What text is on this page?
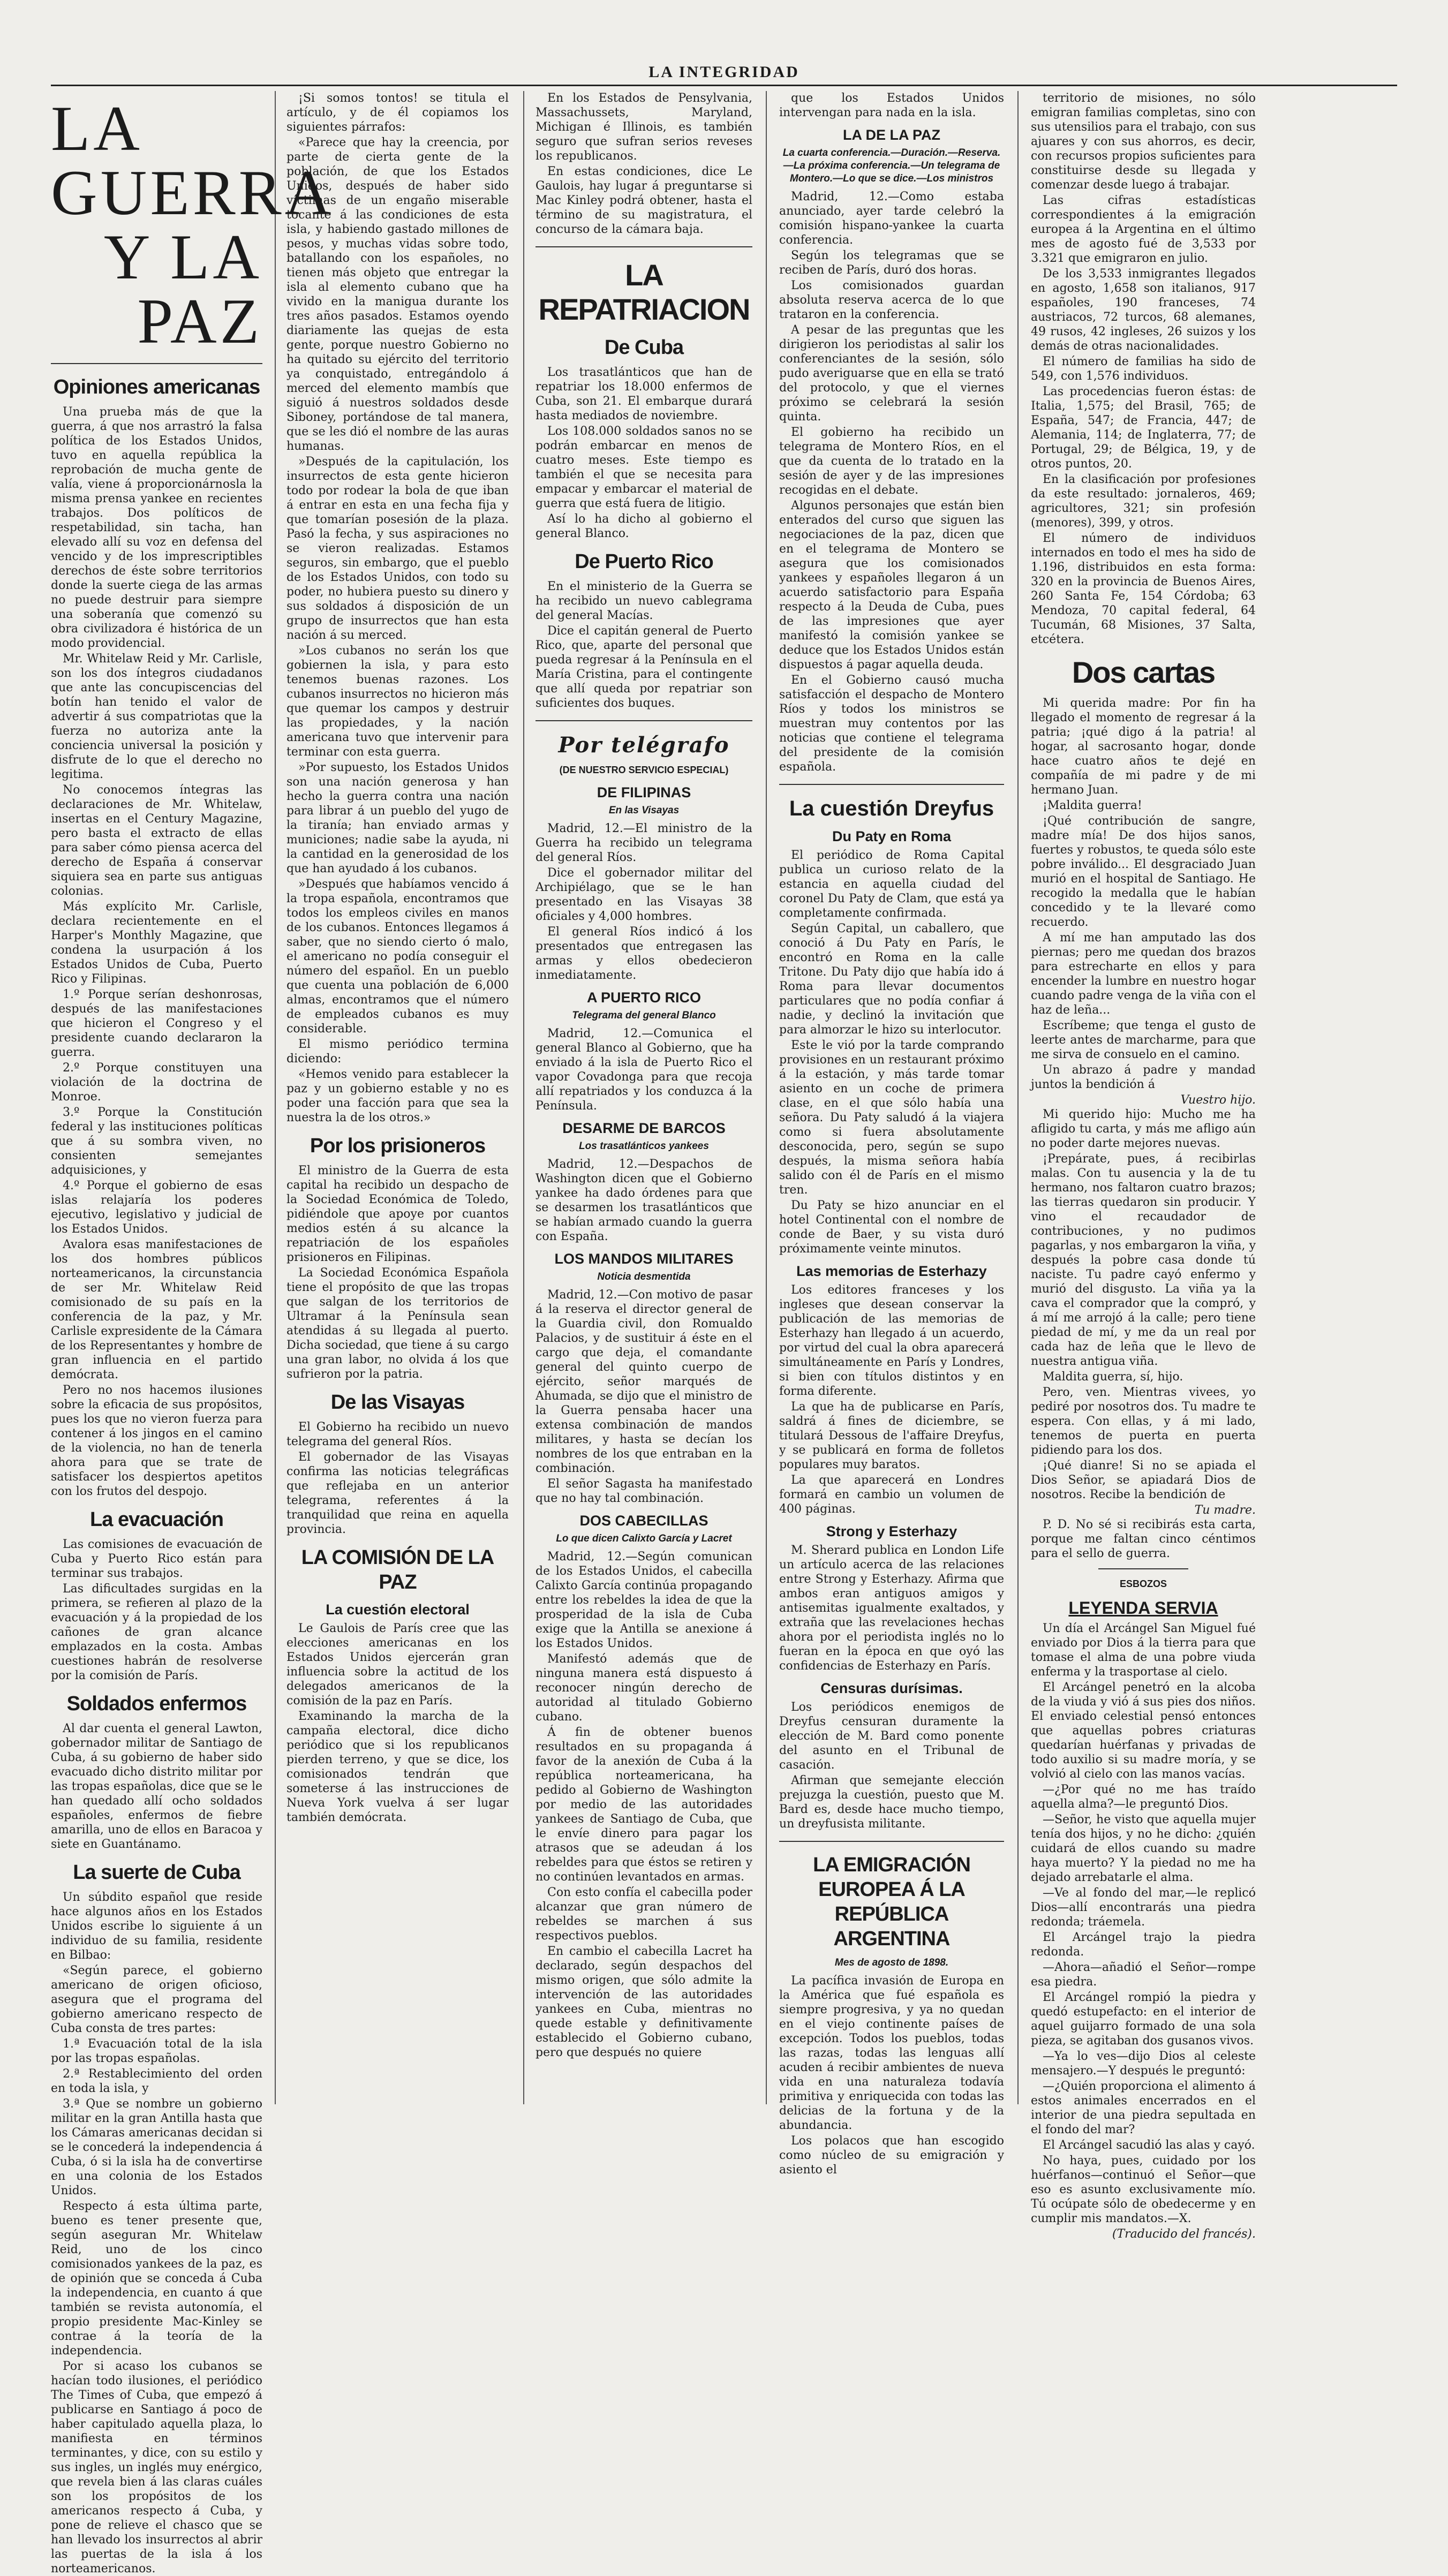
LA INTEGRIDAD
LA GUERRA
Y LA PAZ
Opiniones americanas

Una prueba más de que la guerra, á que nos arrastró la falsa política de los Estados Unidos, tuvo en aquella república la reprobación de mucha gente de valía, viene á proporcionárnosla la misma prensa yankee en recientes trabajos. Dos políticos de respetabilidad, sin tacha, han elevado allí su voz en defensa del vencido y de los imprescriptibles derechos de éste sobre territorios donde la suerte ciega de las armas no puede destruir para siempre una soberanía que comenzó su obra civilizadora é histórica de un modo providencial.

Mr. Whitelaw Reid y Mr. Carlisle, son los dos íntegros ciudadanos que ante las concupiscencias del botín han tenido el valor de advertir á sus compatriotas que la fuerza no autoriza ante la conciencia universal la posición y disfrute de lo que el derecho no legitima.

No conocemos íntegras las declaraciones de Mr. Whitelaw, insertas en el Century Magazine, pero basta el extracto de ellas para saber cómo piensa acerca del derecho de España á conservar siquiera sea en parte sus antiguas colonias.

Más explícito Mr. Carlisle, declara recientemente en el Harper's Monthly Magazine, que condena la usurpación á los Estados Unidos de Cuba, Puerto Rico y Filipinas.

1.º Porque serían deshonrosas, después de las manifestaciones que hicieron el Congreso y el presidente cuando declararon la guerra.

2.º Porque constituyen una violación de la doctrina de Monroe.

3.º Porque la Constitución federal y las instituciones políticas que á su sombra viven, no consienten semejantes adquisiciones, y

4.º Porque el gobierno de esas islas relajaría los poderes ejecutivo, legislativo y judicial de los Estados Unidos.

Avalora esas manifestaciones de los dos hombres públicos norteamericanos, la circunstancia de ser Mr. Whitelaw Reid comisionado de su país en la conferencia de la paz, y Mr. Carlisle expresidente de la Cámara de los Representantes y hombre de gran influencia en el partido demócrata.

Pero no nos hacemos ilusiones sobre la eficacia de sus propósitos, pues los que no vieron fuerza para contener á los jingos en el camino de la violencia, no han de tenerla ahora para que se trate de satisfacer los despiertos apetitos con los frutos del despojo.

La evacuación

Las comisiones de evacuación de Cuba y Puerto Rico están para terminar sus trabajos.

Las dificultades surgidas en la primera, se refieren al plazo de la evacuación y á la propiedad de los cañones de gran alcance emplazados en la costa. Ambas cuestiones habrán de resolverse por la comisión de París.

Soldados enfermos

Al dar cuenta el general Lawton, gobernador militar de Santiago de Cuba, á su gobierno de haber sido evacuado dicho distrito militar por las tropas españolas, dice que se le han quedado allí ocho soldados españoles, enfermos de fiebre amarilla, uno de ellos en Baracoa y siete en Guantánamo.

La suerte de Cuba

Un súbdito español que reside hace algunos años en los Estados Unidos escribe lo siguiente á un individuo de su familia, residente en Bilbao:

«Según parece, el gobierno americano de origen oficioso, asegura que el programa del gobierno americano respecto de Cuba consta de tres partes:

1.ª Evacuación total de la isla por las tropas españolas.

2.ª Restablecimiento del orden en toda la isla, y

3.ª Que se nombre un gobierno militar en la gran Antilla hasta que los Cámaras americanas decidan si se le concederá la independencia á Cuba, ó si la isla ha de convertirse en una colonia de los Estados Unidos.

Respecto á esta última parte, bueno es tener presente que, según aseguran Mr. Whitelaw Reid, uno de los cinco comisionados yankees de la paz, es de opinión que se conceda á Cuba la independencia, en cuanto á que también se revista autonomía, el propio presidente Mac-Kinley se contrae á la teoría de la independencia.

Por si acaso los cubanos se hacían todo ilusiones, el periódico The Times of Cuba, que empezó á publicarse en Santiago á poco de haber capitulado aquella plaza, lo manifiesta en términos terminantes, y dice, con su estilo y sus ingles, un inglés muy enérgico, que revela bien á las claras cuáles son los propósitos de los americanos respecto á Cuba, y pone de relieve el chasco que se han llevado los insurrectos al abrir las puertas de la isla á los norteamericanos.

¡Si somos tontos! se titula el artículo, y de él copiamos los siguientes párrafos:

«Parece que hay la creencia, por parte de cierta gente de la población, de que los Estados Unidos, después de haber sido víctimas de un engaño miserable tocante á las condiciones de esta isla, y habiendo gastado millones de pesos, y muchas vidas sobre todo, batallando con los españoles, no tienen más objeto que entregar la isla al elemento cubano que ha vivido en la manigua durante los tres años pasados. Estamos oyendo diariamente las quejas de esta gente, porque nuestro Gobierno no ha quitado su ejército del territorio ya conquistado, entregándolo á merced del elemento mambís que siguió á nuestros soldados desde Siboney, portándose de tal manera, que se les dió el nombre de las auras humanas.

»Después de la capitulación, los insurrectos de esta gente hicieron todo por rodear la bola de que iban á entrar en esta en una fecha fija y que tomarían posesión de la plaza. Pasó la fecha, y sus aspiraciones no se vieron realizadas. Estamos seguros, sin embargo, que el pueblo de los Estados Unidos, con todo su poder, no hubiera puesto su dinero y sus soldados á disposición de un grupo de insurrectos que han esta nación á su merced.

»Los cubanos no serán los que gobiernen la isla, y para esto tenemos buenas razones. Los cubanos insurrectos no hicieron más que quemar los campos y destruir las propiedades, y la nación americana tuvo que intervenir para terminar con esta guerra.

»Por supuesto, los Estados Unidos son una nación generosa y han hecho la guerra contra una nación para librar á un pueblo del yugo de la tiranía; han enviado armas y municiones; nadie sabe la ayuda, ni la cantidad en la generosidad de los que han ayudado á los cubanos.

»Después que habíamos vencido á la tropa española, encontramos que todos los empleos civiles en manos de los cubanos. Entonces llegamos á saber, que no siendo cierto ó malo, el americano no podía conseguir el número del español. En un pueblo que cuenta una población de 6,000 almas, encontramos que el número de empleados cubanos es muy considerable.

El mismo periódico termina diciendo:

«Hemos venido para establecer la paz y un gobierno estable y no es poder una facción para que sea la nuestra la de los otros.»

Por los prisioneros

El ministro de la Guerra de esta capital ha recibido un despacho de la Sociedad Económica de Toledo, pidiéndole que apoye por cuantos medios estén á su alcance la repatriación de los españoles prisioneros en Filipinas.

La Sociedad Económica Española tiene el propósito de que las tropas que salgan de los territorios de Ultramar á la Península sean atendidas á su llegada al puerto. Dicha sociedad, que tiene á su cargo una gran labor, no olvida á los que sufrieron por la patria.

De las Visayas

El Gobierno ha recibido un nuevo telegrama del general Ríos.

El gobernador de las Visayas confirma las noticias telegráficas que reflejaba en un anterior telegrama, referentes á la tranquilidad que reina en aquella provincia.

LA COMISIÓN DE LA PAZ
La cuestión electoral

Le Gaulois de París cree que las elecciones americanas en los Estados Unidos ejercerán gran influencia sobre la actitud de los delegados americanos de la comisión de la paz en París.

Examinando la marcha de la campaña electoral, dice dicho periódico que si los republicanos pierden terreno, y que se dice, los comisionados tendrán que someterse á las instrucciones de Nueva York vuelva á ser lugar también demócrata.

En los Estados de Pensylvania, Massachussets, Maryland, Michigan é Illinois, es también seguro que sufran serios reveses los republicanos.

En estas condiciones, dice Le Gaulois, hay lugar á preguntarse si Mac Kinley podrá obtener, hasta el término de su magistratura, el concurso de la cámara baja.

LA REPATRIACION
De Cuba

Los trasatlánticos que han de repatriar los 18.000 enfermos de Cuba, son 21. El embarque durará hasta mediados de noviembre.

Los 108.000 soldados sanos no se podrán embarcar en menos de cuatro meses. Este tiempo es también el que se necesita para empacar y embarcar el material de guerra que está fuera de litigio.

Así lo ha dicho al gobierno el general Blanco.

De Puerto Rico

En el ministerio de la Guerra se ha recibido un nuevo cablegrama del general Macías.

Dice el capitán general de Puerto Rico, que, aparte del personal que pueda regresar á la Península en el María Cristina, para el contingente que allí queda por repatriar son suficientes dos buques.

Por telégrafo
(DE NUESTRO SERVICIO ESPECIAL)
DE FILIPINAS
En las Visayas

Madrid, 12.—El ministro de la Guerra ha recibido un telegrama del general Ríos.

Dice el gobernador militar del Archipiélago, que se le han presentado en las Visayas 38 oficiales y 4,000 hombres.

El general Ríos indicó á los presentados que entregasen las armas y ellos obedecieron inmediatamente.

A PUERTO RICO
Telegrama del general Blanco

Madrid, 12.—Comunica el general Blanco al Gobierno, que ha enviado á la isla de Puerto Rico el vapor Covadonga para que recoja allí repatriados y los conduzca á la Península.

DESARME DE BARCOS
Los trasatlánticos yankees

Madrid, 12.—Despachos de Washington dicen que el Gobierno yankee ha dado órdenes para que se desarmen los trasatlánticos que se habían armado cuando la guerra con España.

LOS MANDOS MILITARES
Noticia desmentida

Madrid, 12.—Con motivo de pasar á la reserva el director general de la Guardia civil, don Romualdo Palacios, y de sustituir á éste en el cargo que deja, el comandante general del quinto cuerpo de ejército, señor marqués de Ahumada, se dijo que el ministro de la Guerra pensaba hacer una extensa combinación de mandos militares, y hasta se decían los nombres de los que entraban en la combinación.

El señor Sagasta ha manifestado que no hay tal combinación.

DOS CABECILLAS
Lo que dicen Calixto García y Lacret

Madrid, 12.—Según comunican de los Estados Unidos, el cabecilla Calixto García continúa propagando entre los rebeldes la idea de que la prosperidad de la isla de Cuba exige que la Antilla se anexione á los Estados Unidos.

Manifestó además que de ninguna manera está dispuesto á reconocer ningún derecho de autoridad al titulado Gobierno cubano.

Á fin de obtener buenos resultados en su propaganda á favor de la anexión de Cuba á la república norteamericana, ha pedido al Gobierno de Washington por medio de las autoridades yankees de Santiago de Cuba, que le envíe dinero para pagar los atrasos que se adeudan á los rebeldes para que éstos se retiren y no continúen levantados en armas.

Con esto confía el cabecilla poder alcanzar que gran número de rebeldes se marchen á sus respectivos pueblos.

En cambio el cabecilla Lacret ha declarado, según despachos del mismo origen, que sólo admite la intervención de las autoridades yankees en Cuba, mientras no quede estable y definitivamente establecido el Gobierno cubano, pero que después no quiere

que los Estados Unidos intervengan para nada en la isla.

LA DE LA PAZ
La cuarta conferencia.—Duración.—Reserva.—La próxima conferencia.—Un telegrama de Montero.—Lo que se dice.—Los ministros

Madrid, 12.—Como estaba anunciado, ayer tarde celebró la comisión hispano-yankee la cuarta conferencia.

Según los telegramas que se reciben de París, duró dos horas.

Los comisionados guardan absoluta reserva acerca de lo que trataron en la conferencia.

A pesar de las preguntas que les dirigieron los periodistas al salir los conferenciantes de la sesión, sólo pudo averiguarse que en ella se trató del protocolo, y que el viernes próximo se celebrará la sesión quinta.

El gobierno ha recibido un telegrama de Montero Ríos, en el que da cuenta de lo tratado en la sesión de ayer y de las impresiones recogidas en el debate.

Algunos personajes que están bien enterados del curso que siguen las negociaciones de la paz, dicen que en el telegrama de Montero se asegura que los comisionados yankees y españoles llegaron á un acuerdo satisfactorio para España respecto á la Deuda de Cuba, pues de las impresiones que ayer manifestó la comisión yankee se deduce que los Estados Unidos están dispuestos á pagar aquella deuda.

En el Gobierno causó mucha satisfacción el despacho de Montero Ríos y todos los ministros se muestran muy contentos por las noticias que contiene el telegrama del presidente de la comisión española.

La cuestión Dreyfus
Du Paty en Roma

El periódico de Roma Capital publica un curioso relato de la estancia en aquella ciudad del coronel Du Paty de Clam, que está ya completamente confirmada.

Según Capital, un caballero, que conoció á Du Paty en París, le encontró en Roma en la calle Tritone. Du Paty dijo que había ido á Roma para llevar documentos particulares que no podía confiar á nadie, y declinó la invitación que para almorzar le hizo su interlocutor.

Este le vió por la tarde comprando provisiones en un restaurant próximo á la estación, y más tarde tomar asiento en un coche de primera clase, en el que sólo había una señora. Du Paty saludó á la viajera como si fuera absolutamente desconocida, pero, según se supo después, la misma señora había salido con él de París en el mismo tren.

Du Paty se hizo anunciar en el hotel Continental con el nombre de conde de Baer, y su vista duró próximamente veinte minutos.

Las memorias de Esterhazy

Los editores franceses y los ingleses que desean conservar la publicación de las memorias de Esterhazy han llegado á un acuerdo, por virtud del cual la obra aparecerá simultáneamente en París y Londres, si bien con títulos distintos y en forma diferente.

La que ha de publicarse en París, saldrá á fines de diciembre, se titulará Dessous de l'affaire Dreyfus, y se publicará en forma de folletos populares muy baratos.

La que aparecerá en Londres formará en cambio un volumen de 400 páginas.

Strong y Esterhazy

M. Sherard publica en London Life un artículo acerca de las relaciones entre Strong y Esterhazy. Afirma que ambos eran antiguos amigos y antisemitas igualmente exaltados, y extraña que las revelaciones hechas ahora por el periodista inglés no lo fueran en la época en que oyó las confidencias de Esterhazy en París.

Censuras durísimas.

Los periódicos enemigos de Dreyfus censuran duramente la elección de M. Bard como ponente del asunto en el Tribunal de casación.

Afirman que semejante elección prejuzga la cuestión, puesto que M. Bard es, desde hace mucho tiempo, un dreyfusista militante.

LA EMIGRACIÓN EUROPEA Á LA REPÚBLICA ARGENTINA
Mes de agosto de 1898.

La pacífica invasión de Europa en la América que fué española es siempre progresiva, y ya no quedan en el viejo continente países de excepción. Todos los pueblos, todas las razas, todas las lenguas allí acuden á recibir ambientes de nueva vida en una naturaleza todavía primitiva y enriquecida con todas las delicias de la fortuna y de la abundancia.

Los polacos que han escogido como núcleo de su emigración y asiento el

territorio de misiones, no sólo emigran familias completas, sino con sus utensilios para el trabajo, con sus ajuares y con sus ahorros, es decir, con recursos propios suficientes para constituirse desde su llegada y comenzar desde luego á trabajar.

Las cifras estadísticas correspondientes á la emigración europea á la Argentina en el último mes de agosto fué de 3,533 por 3.321 que emigraron en julio.

De los 3,533 inmigrantes llegados en agosto, 1,658 son italianos, 917 españoles, 190 franceses, 74 austriacos, 72 turcos, 68 alemanes, 49 rusos, 42 ingleses, 26 suizos y los demás de otras nacionalidades.

El número de familias ha sido de 549, con 1,576 individuos.

Las procedencias fueron éstas: de Italia, 1,575; del Brasil, 765; de España, 547; de Francia, 447; de Alemania, 114; de Inglaterra, 77; de Portugal, 29; de Bélgica, 19, y de otros puntos, 20.

En la clasificación por profesiones da este resultado: jornaleros, 469; agricultores, 321; sin profesión (menores), 399, y otros.

El número de individuos internados en todo el mes ha sido de 1.196, distribuidos en esta forma: 320 en la provincia de Buenos Aires, 260 Santa Fe, 154 Córdoba; 63 Mendoza, 70 capital federal, 64 Tucumán, 68 Misiones, 37 Salta, etcétera.

Dos cartas

Mi querida madre: Por fin ha llegado el momento de regresar á la patria; ¡qué digo á la patria! al hogar, al sacrosanto hogar, donde hace cuatro años te dejé en compañía de mi padre y de mi hermano Juan.

¡Maldita guerra!

¡Qué contribución de sangre, madre mía! De dos hijos sanos, fuertes y robustos, te queda sólo este pobre inválido... El desgraciado Juan murió en el hospital de Santiago. He recogido la medalla que le habían concedido y te la llevaré como recuerdo.

A mí me han amputado las dos piernas; pero me quedan dos brazos para estrecharte en ellos y para encender la lumbre en nuestro hogar cuando padre venga de la viña con el haz de leña...

Escríbeme; que tenga el gusto de leerte antes de marcharme, para que me sirva de consuelo en el camino.

Un abrazo á padre y mandad juntos la bendición á

Vuestro hijo.

Mi querido hijo: Mucho me ha afligido tu carta, y más me afligo aún no poder darte mejores nuevas.

¡Prepárate, pues, á recibirlas malas. Con tu ausencia y la de tu hermano, nos faltaron cuatro brazos; las tierras quedaron sin producir. Y vino el recaudador de contribuciones, y no pudimos pagarlas, y nos embargaron la viña, y después la pobre casa donde tú naciste. Tu padre cayó enfermo y murió del disgusto. La viña ya la cava el comprador que la compró, y á mí me arrojó á la calle; pero tiene piedad de mí, y me da un real por cada haz de leña que le llevo de nuestra antigua viña.

Maldita guerra, sí, hijo.

Pero, ven. Mientras vivees, yo pediré por nosotros dos. Tu madre te espera. Con ellas, y á mi lado, tenemos de puerta en puerta pidiendo para los dos.

¡Qué dianre! Si no se apiada el Dios Señor, se apiadará Dios de nosotros. Recibe la bendición de

Tu madre.

P. D. No sé si recibirás esta carta, porque me faltan cinco céntimos para el sello de guerra.

ESBOZOS
LEYENDA SERVIA

Un día el Arcángel San Miguel fué enviado por Dios á la tierra para que tomase el alma de una pobre viuda enferma y la trasportase al cielo.

El Arcángel penetró en la alcoba de la viuda y vió á sus pies dos niños. El enviado celestial pensó entonces que aquellas pobres criaturas quedarían huérfanas y privadas de todo auxilio si su madre moría, y se volvió al cielo con las manos vacías.

—¿Por qué no me has traído aquella alma?—le preguntó Dios.

—Señor, he visto que aquella mujer tenía dos hijos, y no he dicho: ¿quién cuidará de ellos cuando su madre haya muerto? Y la piedad no me ha dejado arrebatarle el alma.

—Ve al fondo del mar,—le replicó Dios—allí encontrarás una piedra redonda; tráemela.

El Arcángel trajo la piedra redonda.

—Ahora—añadió el Señor—rompe esa piedra.

El Arcángel rompió la piedra y quedó estupefacto: en el interior de aquel guijarro formado de una sola pieza, se agitaban dos gusanos vivos.

—Ya lo ves—dijo Dios al celeste mensajero.—Y después le preguntó:

—¿Quién proporciona el alimento á estos animales encerrados en el interior de una piedra sepultada en el fondo del mar?

El Arcángel sacudió las alas y cayó.

No haya, pues, cuidado por los huérfanos—continuó el Señor—que eso es asunto exclusivamente mío. Tú ocúpate sólo de obedecerme y en cumplir mis mandatos.—X.

(Traducido del francés).
